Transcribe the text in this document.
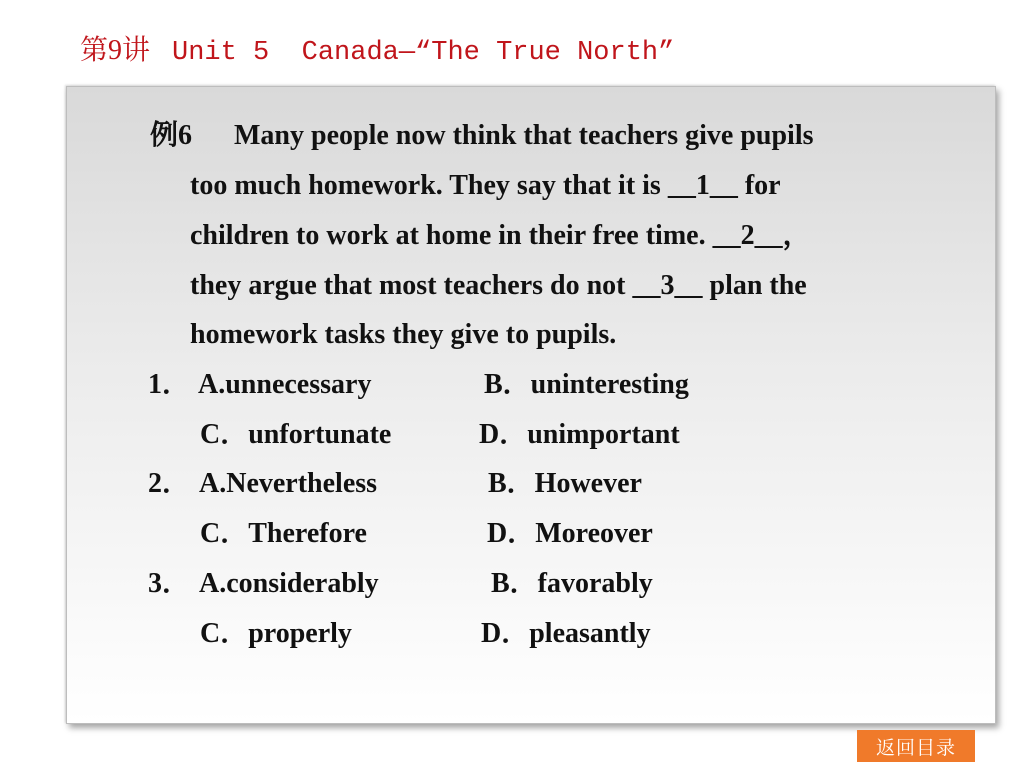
第9讲 Unit 5  Canada—“The True North”
例6 Many people now think that teachers give pupils
too much homework. They say that it is __1__ for
children to work at home in their free time. __2__，
they argue that most teachers do not __3__ plan the
homework tasks they give to pupils.
1． A.unnecessary	B．uninteresting
C．unfortunate	D．unimportant
2． A.Nevertheless	B．However
C．Therefore	D．Moreover
3． A.considerably	B．favorably
C．properly	D．pleasantly
返回目录
